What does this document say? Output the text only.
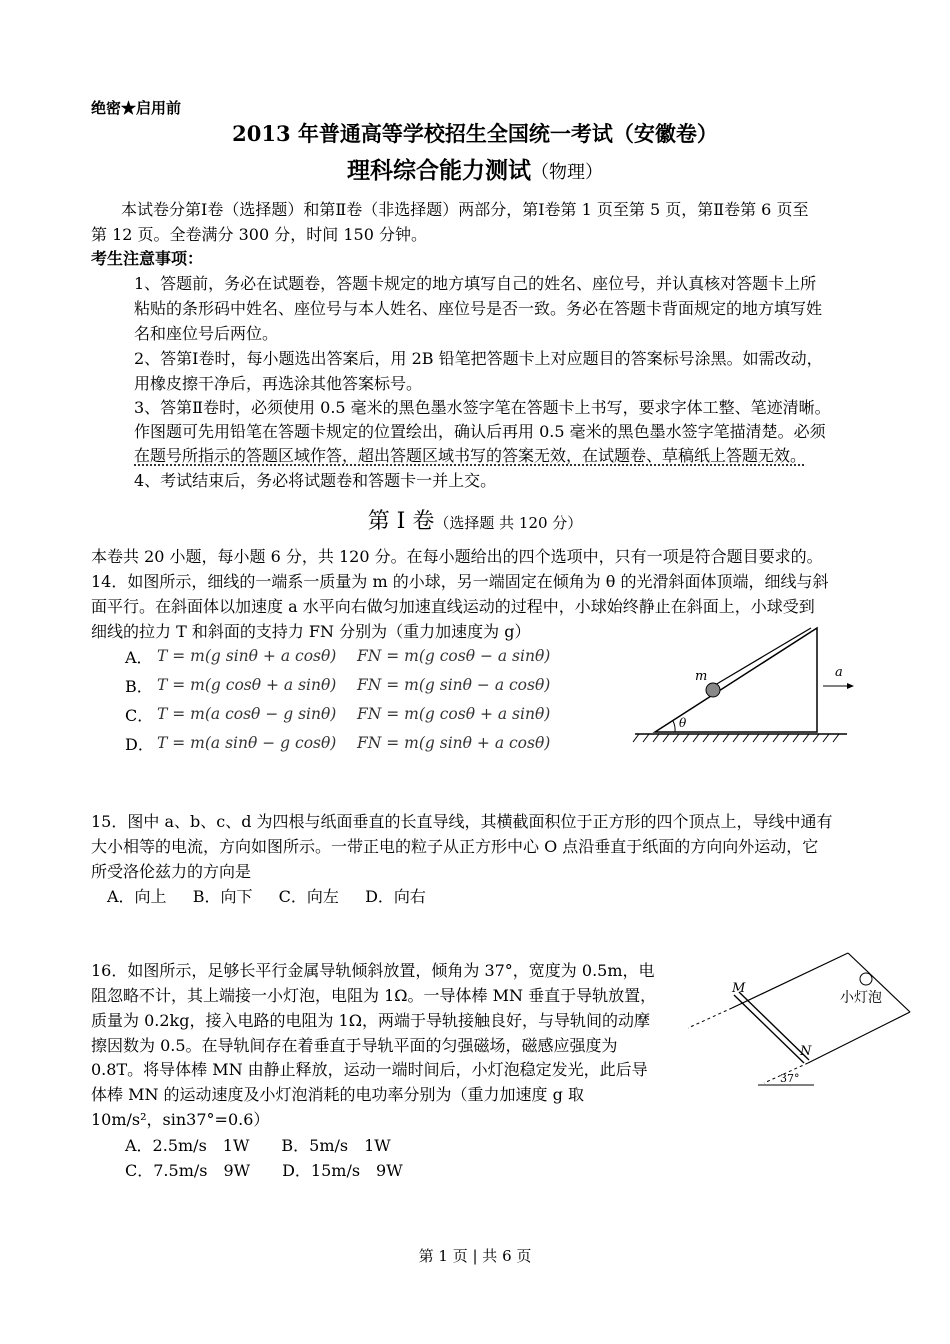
绝密★启用前
2013 年普通高等学校招生全国统一考试（安徽卷）
理科综合能力测试（物理）
本试卷分第Ⅰ卷（选择题）和第Ⅱ卷（非选择题）两部分，第Ⅰ卷第 1 页至第 5 页，第Ⅱ卷第 6 页至
第 12 页。全卷满分 300 分，时间 150 分钟。
考生注意事项：
1、答题前，务必在试题卷，答题卡规定的地方填写自己的姓名、座位号，并认真核对答题卡上所
粘贴的条形码中姓名、座位号与本人姓名、座位号是否一致。务必在答题卡背面规定的地方填写姓
名和座位号后两位。
2、答第Ⅰ卷时，每小题选出答案后，用 2B 铅笔把答题卡上对应题目的答案标号涂黑。如需改动，
用橡皮擦干净后，再选涂其他答案标号。
3、答第Ⅱ卷时，必须使用 0.5 毫米的黑色墨水签字笔在答题卡上书写，要求字体工整、笔迹清晰。
作图题可先用铅笔在答题卡规定的位置绘出，确认后再用 0.5 毫米的黑色墨水签字笔描清楚。必须
在题号所指示的答题区域作答，超出答题区域书写的答案无效，在试题卷、草稿纸上答题无效。
4、考试结束后，务必将试题卷和答题卡一并上交。
第 Ⅰ 卷（选择题 共 120 分）
本卷共 20 小题，每小题 6 分，共 120 分。在每小题给出的四个选项中，只有一项是符合题目要求的。
14．如图所示，细线的一端系一质量为 m 的小球，另一端固定在倾角为 θ 的光滑斜面体顶端，细线与斜
面平行。在斜面体以加速度 a 水平向右做匀加速直线运动的过程中，小球始终静止在斜面上，小球受到
细线的拉力 T 和斜面的支持力 FN 分别为（重力加速度为 g）
A． T = m(g sinθ + a cosθ) FN = m(g cosθ − a sinθ)
B． T = m(g cosθ + a sinθ) FN = m(g sinθ − a cosθ)
C． T = m(a cosθ − g sinθ) FN = m(g cosθ + a sinθ)
D． T = m(a sinθ − g cosθ) FN = m(g sinθ + a cosθ)
m
θ
a
15．图中 a、b、c、d 为四根与纸面垂直的长直导线，其横截面积位于正方形的四个顶点上，导线中通有
大小相等的电流，方向如图所示。一带正电的粒子从正方形中心 O 点沿垂直于纸面的方向向外运动，它
所受洛伦兹力的方向是
A．向上　  B．向下　  C．向左　  D．向右
16．如图所示，足够长平行金属导轨倾斜放置，倾角为 37°，宽度为 0.5m，电
阻忽略不计，其上端接一小灯泡，电阻为 1Ω。一导体棒 MN 垂直于导轨放置，
质量为 0.2kg，接入电路的电阻为 1Ω，两端于导轨接触良好，与导轨间的动摩
擦因数为 0.5。在导轨间存在着垂直于导轨平面的匀强磁场，磁感应强度为
0.8T。将导体棒 MN 由静止释放，运动一端时间后，小灯泡稳定发光，此后导
体棒 MN 的运动速度及小灯泡消耗的电功率分别为（重力加速度 g 取
10m/s²，sin37°=0.6）
A．2.5m/s　1W　　B．5m/s　1W
C．7.5m/s　9W　　D．15m/s　9W
小灯泡
M
N
37°
第 1 页 | 共 6 页
